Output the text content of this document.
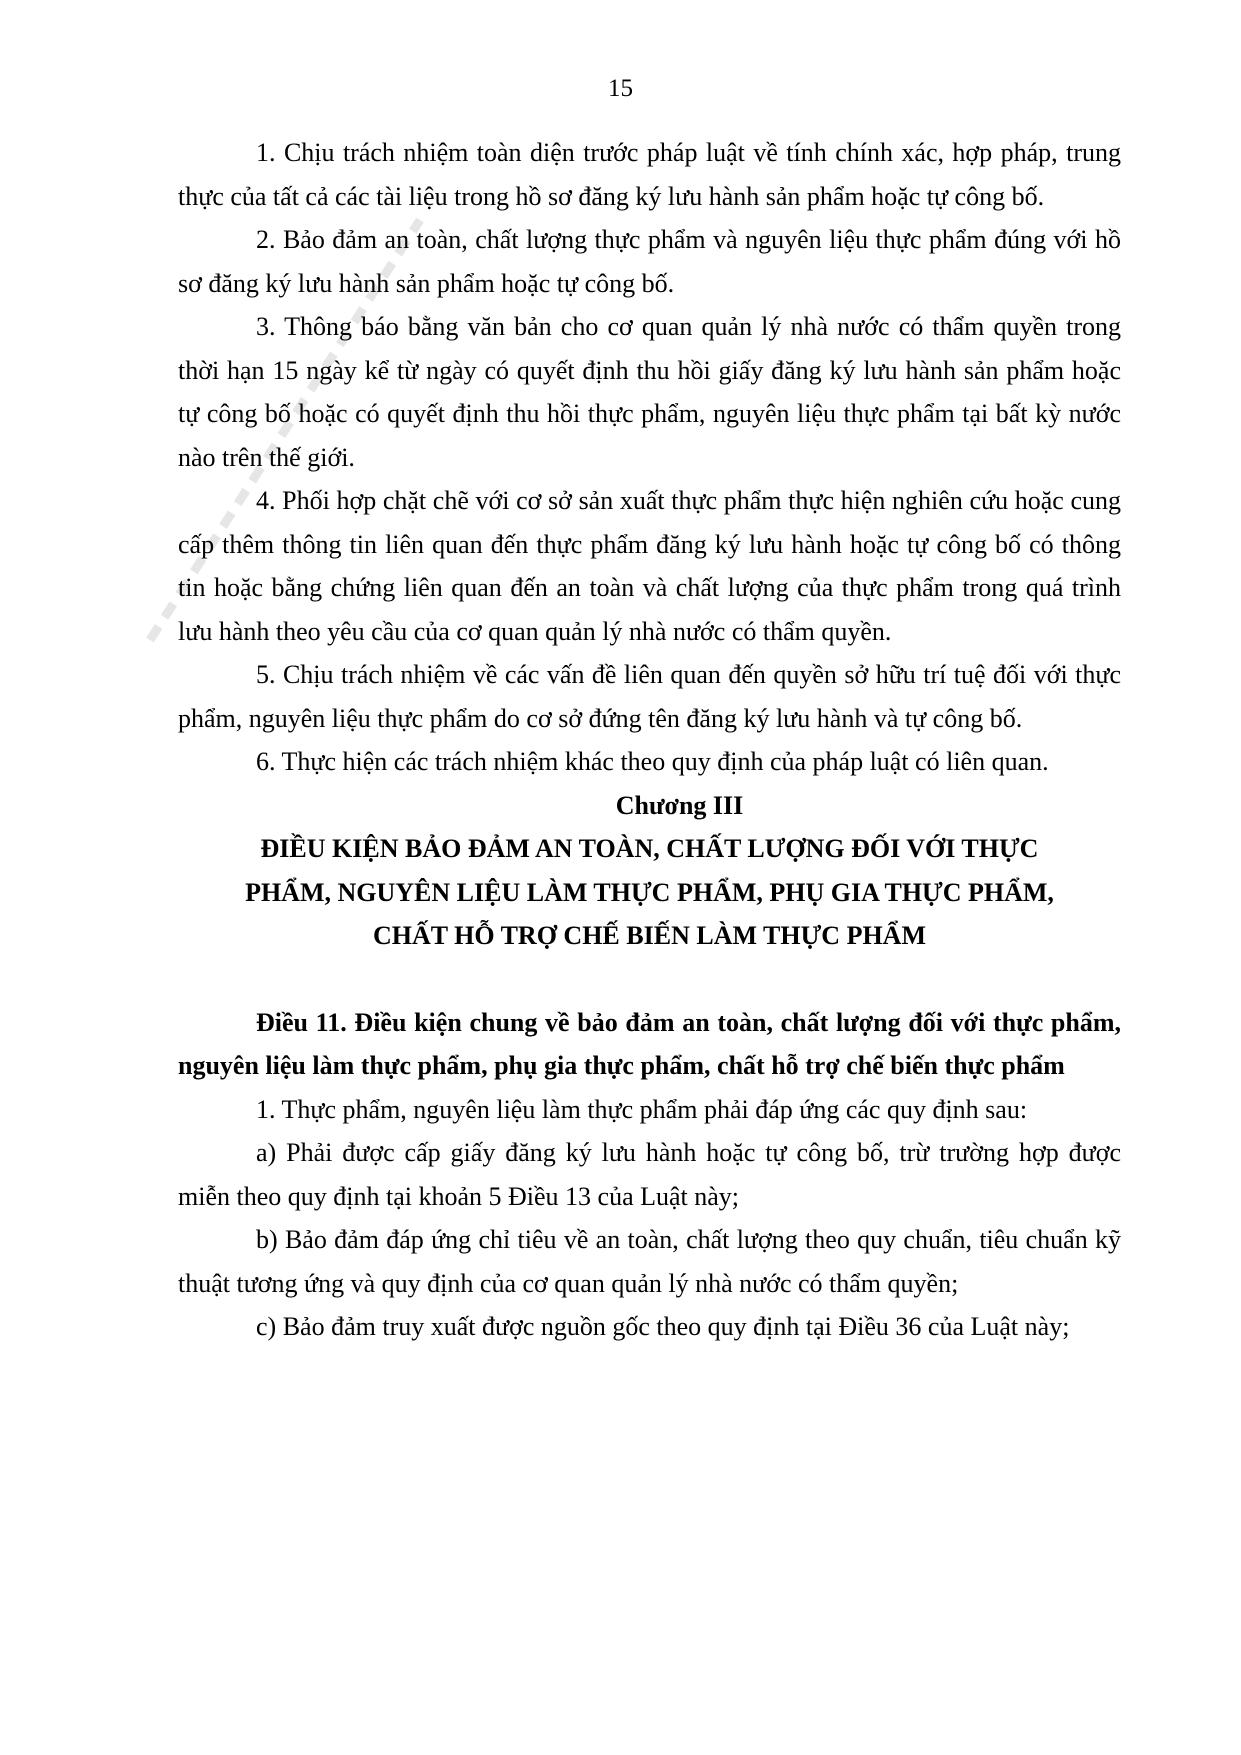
15

1. Chịu trách nhiệm toàn diện trước pháp luật về tính chính xác, hợp pháp, trung thực của tất cả các tài liệu trong hồ sơ đăng ký lưu hành sản phẩm hoặc tự công bố.

2. Bảo đảm an toàn, chất lượng thực phẩm và nguyên liệu thực phẩm đúng với hồ sơ đăng ký lưu hành sản phẩm hoặc tự công bố.

3. Thông báo bằng văn bản cho cơ quan quản lý nhà nước có thẩm quyền trong thời hạn 15 ngày kể từ ngày có quyết định thu hồi giấy đăng ký lưu hành sản phẩm hoặc tự công bố hoặc có quyết định thu hồi thực phẩm, nguyên liệu thực phẩm tại bất kỳ nước nào trên thế giới.

4. Phối hợp chặt chẽ với cơ sở sản xuất thực phẩm thực hiện nghiên cứu hoặc cung cấp thêm thông tin liên quan đến thực phẩm đăng ký lưu hành hoặc tự công bố có thông tin hoặc bằng chứng liên quan đến an toàn và chất lượng của thực phẩm trong quá trình lưu hành theo yêu cầu của cơ quan quản lý nhà nước có thẩm quyền.

5. Chịu trách nhiệm về các vấn đề liên quan đến quyền sở hữu trí tuệ đối với thực phẩm, nguyên liệu thực phẩm do cơ sở đứng tên đăng ký lưu hành và tự công bố.

6. Thực hiện các trách nhiệm khác theo quy định của pháp luật có liên quan.

Chương III

ĐIỀU KIỆN BẢO ĐẢM AN TOÀN, CHẤT LƯỢNG ĐỐI VỚI THỰC

PHẨM, NGUYÊN LIỆU LÀM THỰC PHẨM, PHỤ GIA THỰC PHẨM,

CHẤT HỖ TRỢ CHẾ BIẾN LÀM THỰC PHẨM

Điều 11. Điều kiện chung về bảo đảm an toàn, chất lượng đối với thực phẩm, nguyên liệu làm thực phẩm, phụ gia thực phẩm, chất hỗ trợ chế biến thực phẩm

1. Thực phẩm, nguyên liệu làm thực phẩm phải đáp ứng các quy định sau:

a) Phải được cấp giấy đăng ký lưu hành hoặc tự công bố, trừ trường hợp được miễn theo quy định tại khoản 5 Điều 13 của Luật này;

b) Bảo đảm đáp ứng chỉ tiêu về an toàn, chất lượng theo quy chuẩn, tiêu chuẩn kỹ thuật tương ứng và quy định của cơ quan quản lý nhà nước có thẩm quyền;

c) Bảo đảm truy xuất được nguồn gốc theo quy định tại Điều 36 của Luật này;
